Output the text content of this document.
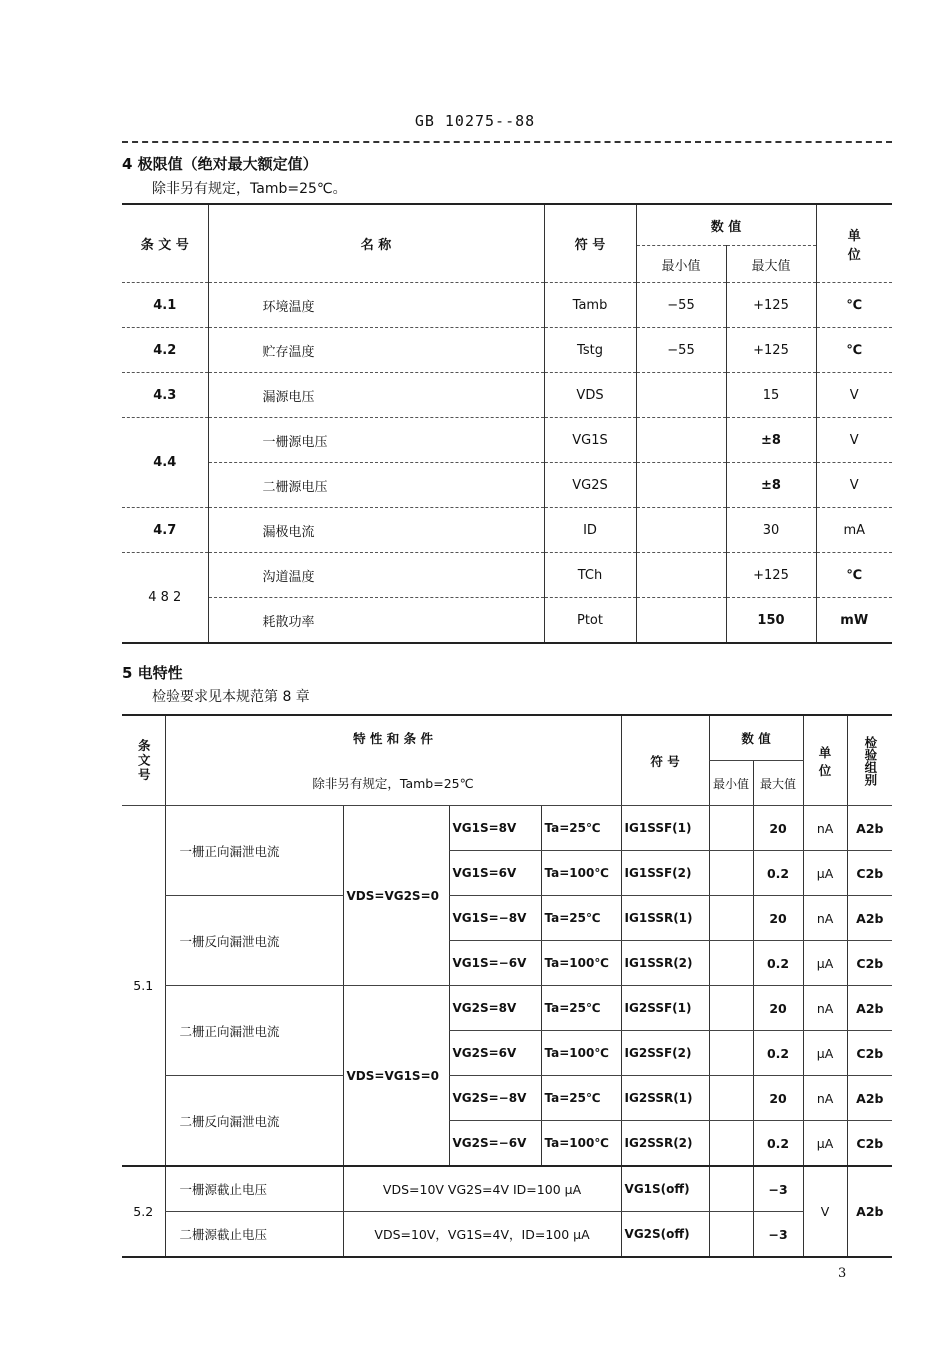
GB 10275--88
4 极限值（绝对最大额定值）
除非另有规定，Tamb=25℃。
条 文 号	名 称	符 号	数 值		单
位
			最小值	最大值	
4.1	环境温度	Tamb	−55	+125	℃
4.2	贮存温度	Tstg	−55	+125	℃
4.3	漏源电压	VDS		15	V
4.4	一栅源电压	VG1S		±8	V
	二栅源电压	VG2S		±8	V
4.7	漏极电流	ID		30	mA
4 8 2	沟道温度	TCh		+125	℃
	耗散功率	Ptot		150	mW
5 电特性
检验要求见本规范第 8 章
条文号	特 性 和 条 件				符 号	数 值		单
位	检验组别
	除非另有规定，Tamb=25℃					最小值	最大值		
5.1	一栅正向漏泄电流	VDS=VG2S=0	VG1S=8V	Ta=25℃	IG1SSF(1)		20	nA	A2b
			VG1S=6V	Ta=100℃	IG1SSF(2)		0.2	μA	C2b
	一栅反向漏泄电流		VG1S=−8V	Ta=25℃	IG1SSR(1)		20	nA	A2b
			VG1S=−6V	Ta=100℃	IG1SSR(2)		0.2	μA	C2b
	二栅正向漏泄电流	VDS=VG1S=0	VG2S=8V	Ta=25℃	IG2SSF(1)		20	nA	A2b
			VG2S=6V	Ta=100℃	IG2SSF(2)		0.2	μA	C2b
	二栅反向漏泄电流		VG2S=−8V	Ta=25℃	IG2SSR(1)		20	nA	A2b
			VG2S=−6V	Ta=100℃	IG2SSR(2)		0.2	μA	C2b
5.2	一栅源截止电压	VDS=10V VG2S=4V ID=100 μA			VG1S(off)		−3	V	A2b
	二栅源截止电压	VDS=10V，VG1S=4V，ID=100 μA			VG2S(off)		−3		
3
